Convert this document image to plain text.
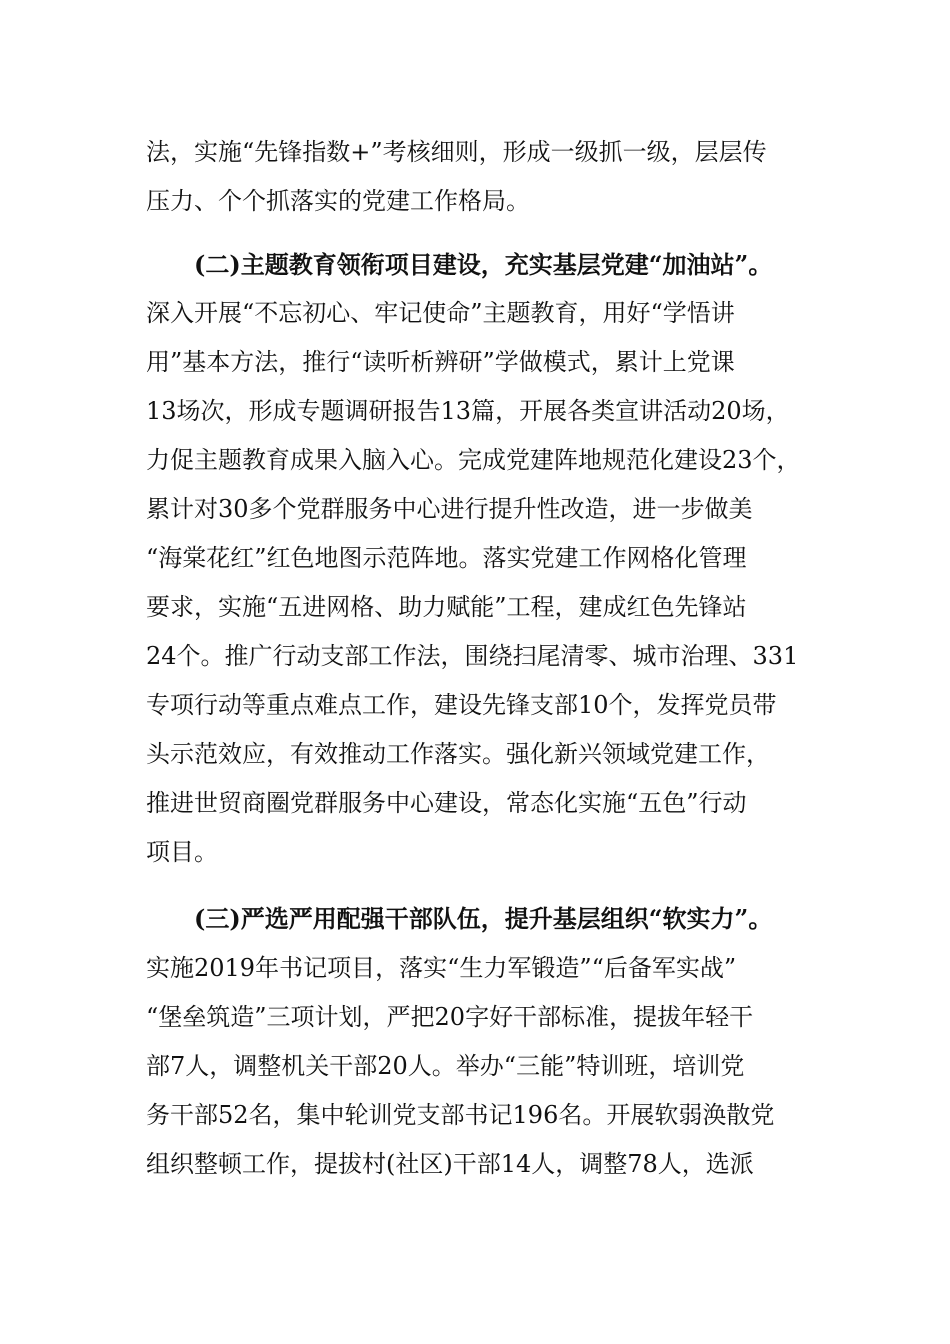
法，实施“先锋指数+”考核细则，形成一级抓一级，层层传
压力、个个抓落实的党建工作格局。
(二)主题教育领衔项目建设，充实基层党建“加油站”。
深入开展“不忘初心、牢记使命”主题教育，用好“学悟讲
用”基本方法，推行“读听析辨研”学做模式，累计上党课
13场次，形成专题调研报告13篇，开展各类宣讲活动20场，
力促主题教育成果入脑入心。完成党建阵地规范化建设23个，
累计对30多个党群服务中心进行提升性改造，进一步做美
“海棠花红”红色地图示范阵地。落实党建工作网格化管理
要求，实施“五进网格、助力赋能”工程，建成红色先锋站
24个。推广行动支部工作法，围绕扫尾清零、城市治理、331
专项行动等重点难点工作，建设先锋支部10个，发挥党员带
头示范效应，有效推动工作落实。强化新兴领域党建工作，
推进世贸商圈党群服务中心建设，常态化实施“五色”行动
项目。
(三)严选严用配强干部队伍，提升基层组织“软实力”。
实施2019年书记项目，落实“生力军锻造”“后备军实战”
“堡垒筑造”三项计划，严把20字好干部标准，提拔年轻干
部7人，调整机关干部20人。举办“三能”特训班，培训党
务干部52名，集中轮训党支部书记196名。开展软弱涣散党
组织整顿工作，提拔村(社区)干部14人，调整78人，选派
